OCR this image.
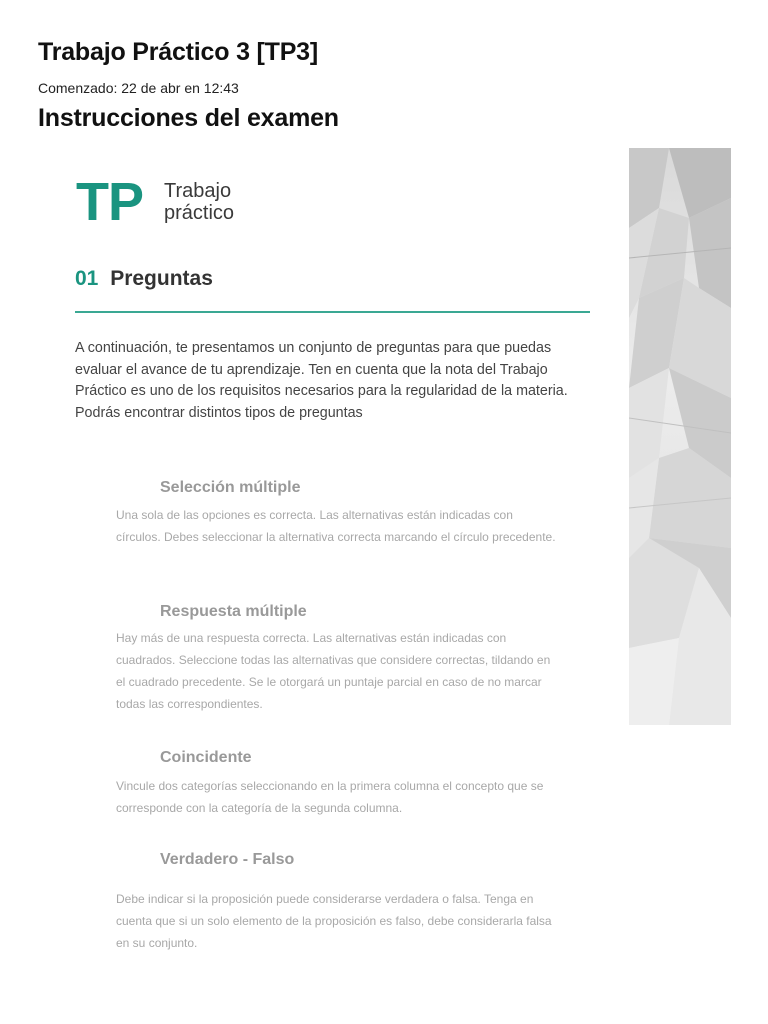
Trabajo Práctico 3 [TP3]

Comenzado: 22 de abr en 12:43

Instrucciones del examen
TP Trabajo
práctico
01 Preguntas

A continuación, te presentamos un conjunto de preguntas para que puedas evaluar el avance de tu aprendizaje. Ten en cuenta que la nota del Trabajo Práctico es uno de los requisitos necesarios para la regularidad de la materia. Podrás encontrar distintos tipos de preguntas

Selección múltiple

Una sola de las opciones es correcta. Las alternativas están indicadas con círculos. Debes seleccionar la alternativa correcta marcando el círculo precedente.

Respuesta múltiple

Hay más de una respuesta correcta. Las alternativas están indicadas con cuadrados. Seleccione todas las alternativas que considere correctas, tildando en el cuadrado precedente. Se le otorgará un puntaje parcial en caso de no marcar todas las correspondientes.

Coincidente

Vincule dos categorías seleccionando en la primera columna el concepto que se corresponde con la categoría de la segunda columna.

Verdadero - Falso

Debe indicar si la proposición puede considerarse verdadera o falsa. Tenga en cuenta que si un solo elemento de la proposición es falso, debe considerarla falsa en su conjunto.
